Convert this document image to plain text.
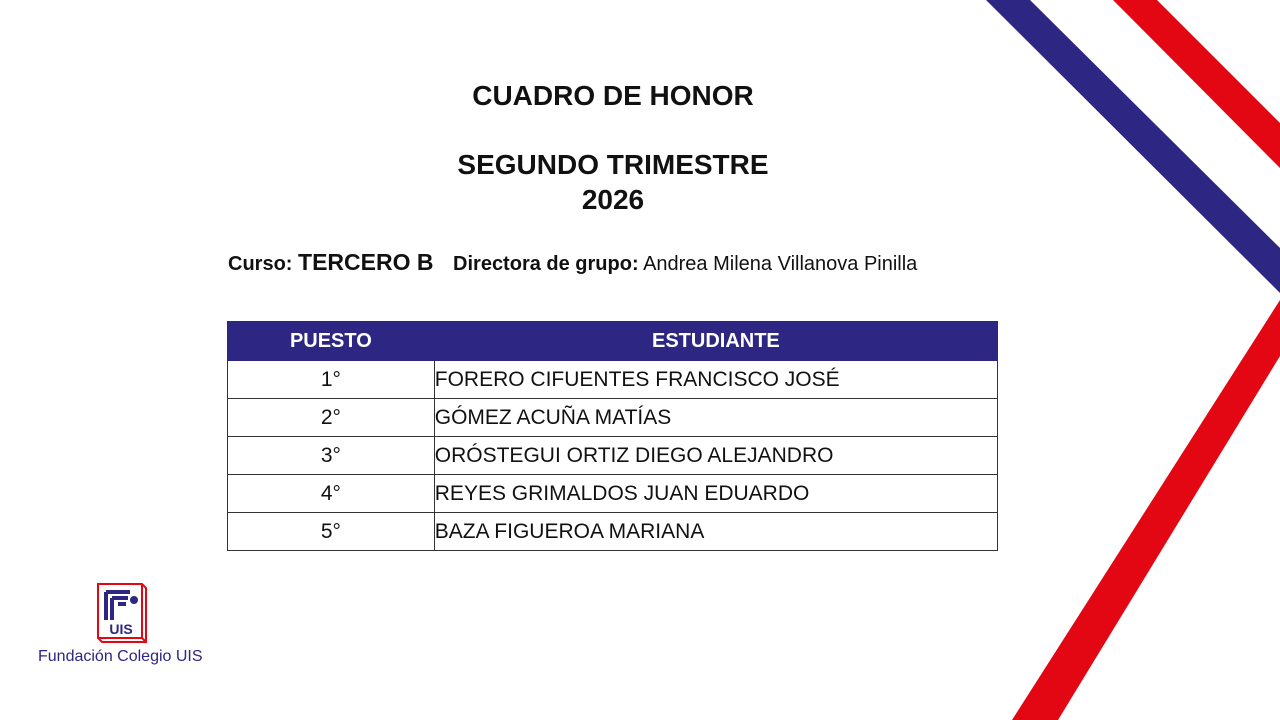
CUADRO DE HONOR
SEGUNDO TRIMESTRE
2026
Curso: TERCERO B Directora de grupo: Andrea Milena Villanova Pinilla
PUESTO	ESTUDIANTE
1°	FORERO CIFUENTES FRANCISCO JOSÉ
2°	GÓMEZ ACUÑA MATÍAS
3°	ORÓSTEGUI ORTIZ DIEGO ALEJANDRO
4°	REYES GRIMALDOS JUAN EDUARDO
5°	BAZA FIGUEROA MARIANA
UIS
Fundación Colegio UIS
